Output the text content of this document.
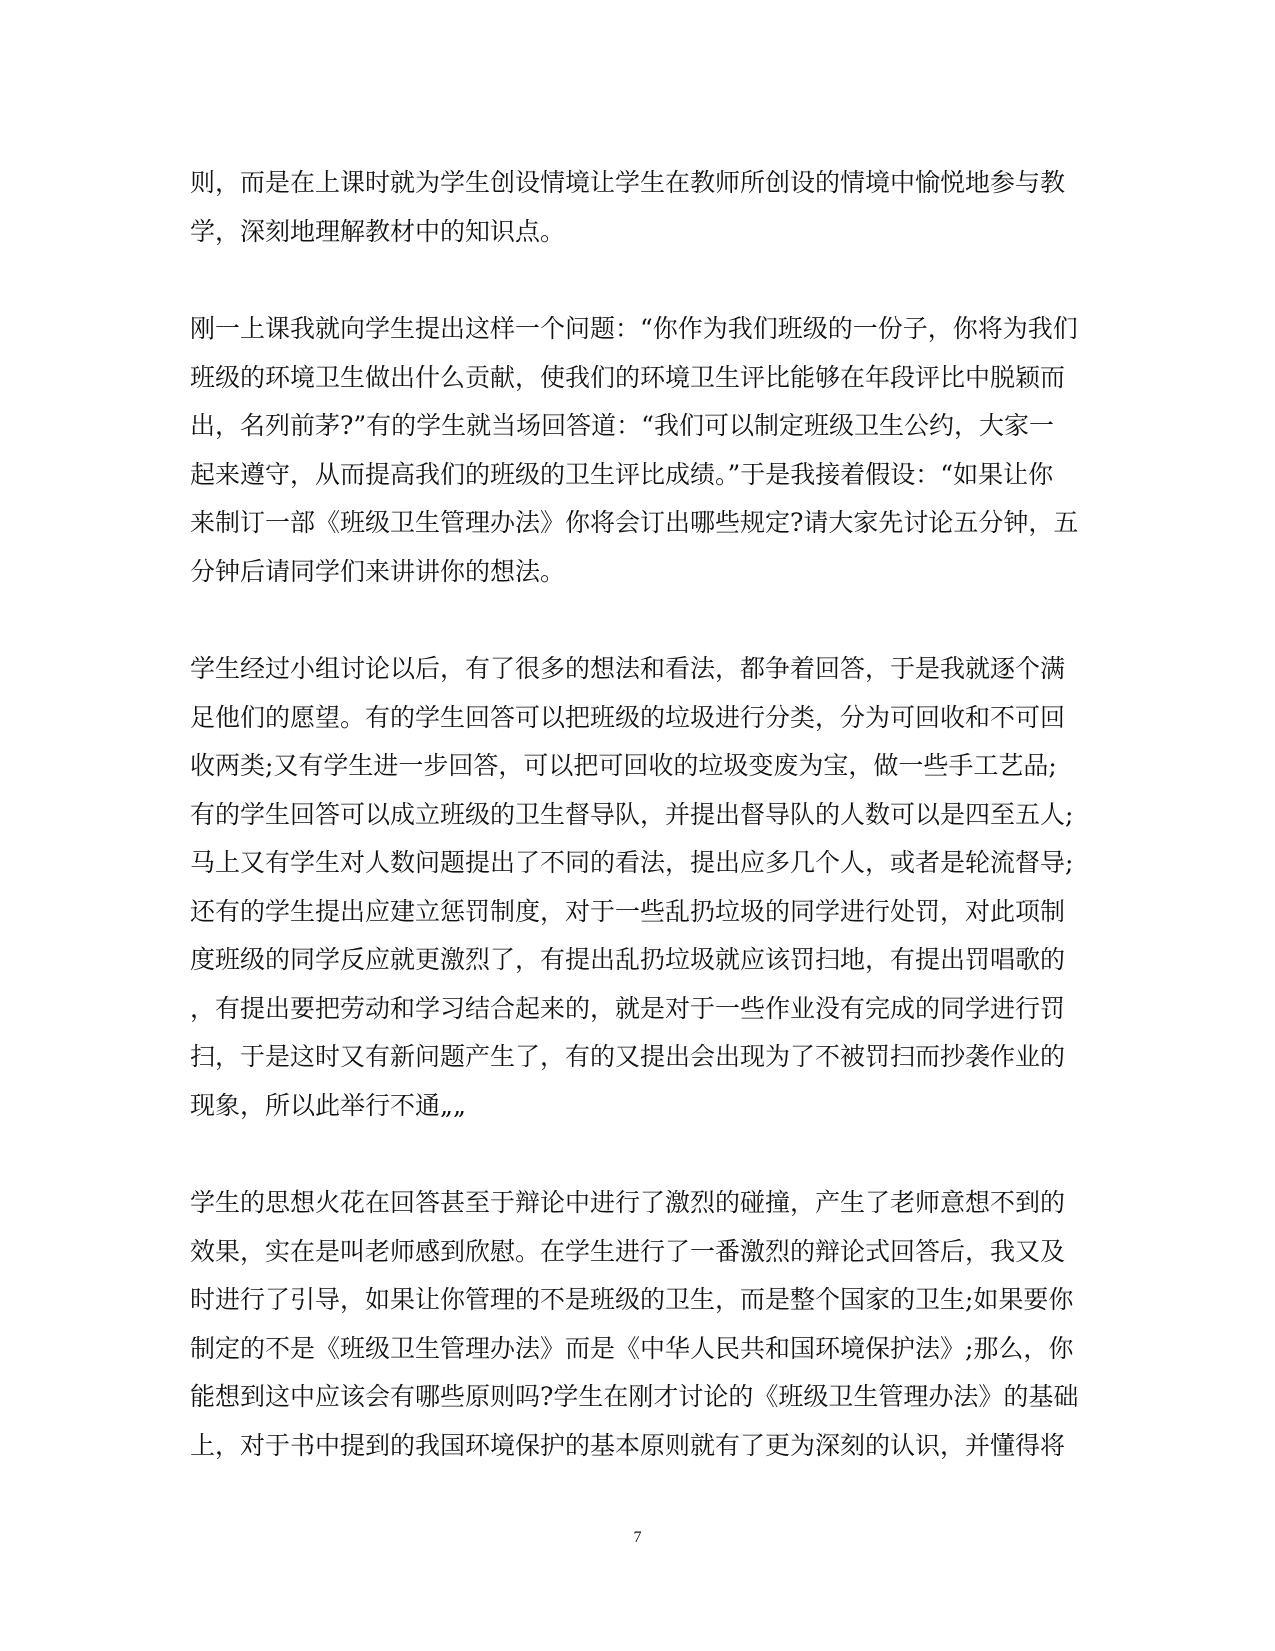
则，而是在上课时就为学生创设情境让学生在教师所创设的情境中愉悦地参与教
学，深刻地理解教材中的知识点。

刚一上课我就向学生提出这样一个问题：“你作为我们班级的一份子，你将为我们
班级的环境卫生做出什么贡献，使我们的环境卫生评比能够在年段评比中脱颖而
出，名列前茅?”有的学生就当场回答道：“我们可以制定班级卫生公约，大家一
起来遵守，从而提高我们的班级的卫生评比成绩。”于是我接着假设：“如果让你
来制订一部《班级卫生管理办法》你将会订出哪些规定?请大家先讨论五分钟，五
分钟后请同学们来讲讲你的想法。

学生经过小组讨论以后，有了很多的想法和看法，都争着回答，于是我就逐个满
足他们的愿望。有的学生回答可以把班级的垃圾进行分类，分为可回收和不可回
收两类;又有学生进一步回答，可以把可回收的垃圾变废为宝，做一些手工艺品;
有的学生回答可以成立班级的卫生督导队，并提出督导队的人数可以是四至五人;
马上又有学生对人数问题提出了不同的看法，提出应多几个人，或者是轮流督导;
还有的学生提出应建立惩罚制度，对于一些乱扔垃圾的同学进行处罚，对此项制
度班级的同学反应就更激烈了，有提出乱扔垃圾就应该罚扫地，有提出罚唱歌的
，有提出要把劳动和学习结合起来的，就是对于一些作业没有完成的同学进行罚
扫，于是这时又有新问题产生了，有的又提出会出现为了不被罚扫而抄袭作业的
现象，所以此举行不通„„

学生的思想火花在回答甚至于辩论中进行了激烈的碰撞，产生了老师意想不到的
效果，实在是叫老师感到欣慰。在学生进行了一番激烈的辩论式回答后，我又及
时进行了引导，如果让你管理的不是班级的卫生，而是整个国家的卫生;如果要你
制定的不是《班级卫生管理办法》而是《中华人民共和国环境保护法》;那么，你
能想到这中应该会有哪些原则吗?学生在刚才讨论的《班级卫生管理办法》的基础
上，对于书中提到的我国环境保护的基本原则就有了更为深刻的认识，并懂得将

7
